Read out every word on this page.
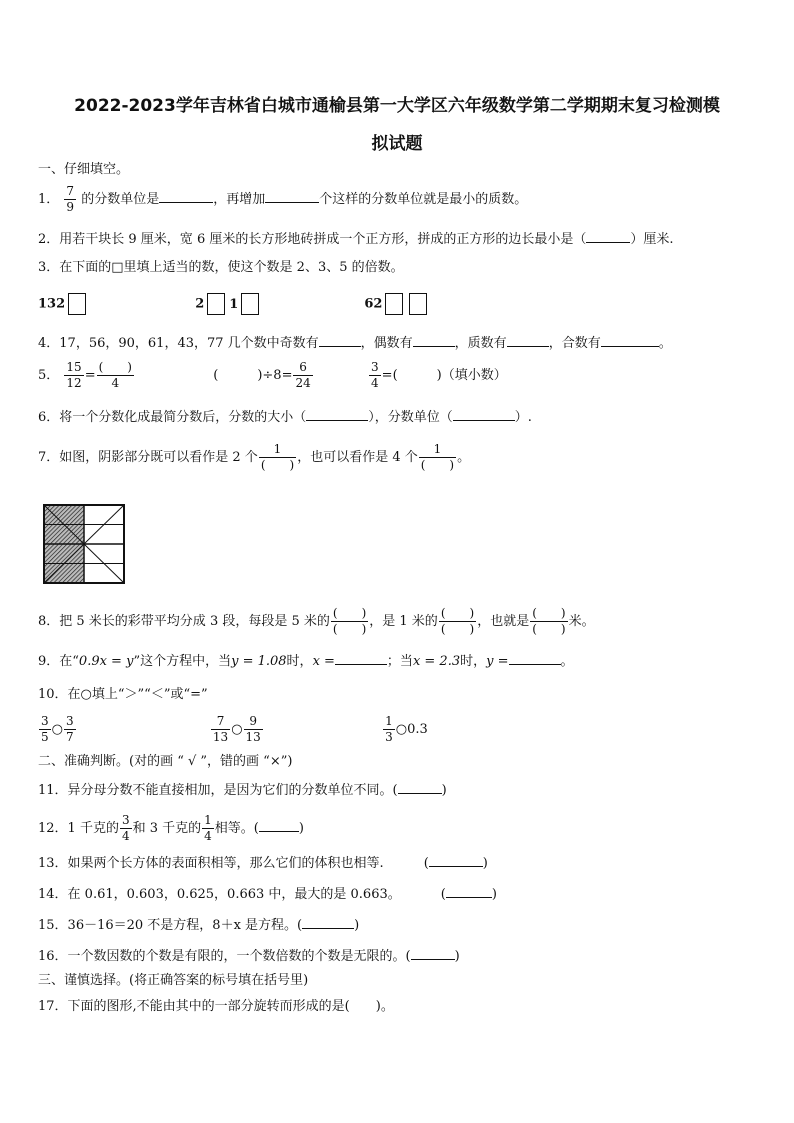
2022-2023学年吉林省白城市通榆县第一大学区六年级数学第二学期期末复习检测模
拟试题
一、仔细填空。
1． $\frac{7}{9}$ 的分数单位是	，再增加	个这样的分数单位就是最小的质数。
2．用若干块长 9 厘米，宽 6 厘米的长方形地砖拼成一个正方形，拼成的正方形的边长最小是（	）厘米.
3．在下面的□里填上适当的数，使这个数是 2、3、5 的倍数。
132	2 1	62
4．17，56，90，61，43，77 几个数中奇数有	，偶数有	，质数有	，合数有	。
5． $\frac{15}{12} = \frac{( )}{4}$	(　　　)$\div 8= \frac{6}{24}$
	$\frac{3}{4}$ =(　　　)（填小数）
6．将一个分数化成最简分数后，分数的大小（	），分数单位（	）.
7．如图，阴影部分既可以看作是 2 个 $\frac{1}{( )}$ ，也可以看作是 4 个 $\frac{1}{( )}$ 。
8．把 5 米长的彩带平均分成 3 段，每段是 5 米的 $\frac{( )}{( )}$ ，是 1 米的 $\frac{( )}{( )}$ ，也就是 $\frac{( )}{( )}$ 米。
9．在“0.9x = y”这个方程中，当y = 1.08时，x =	；当x = 2.3时，y =	。
10．在○填上“＞”“＜”或“=”
$\frac{3}{5}$ ○ $\frac{3}{7}$
	$\frac{7}{13}$ ○ $\frac{9}{13}$
	$\frac{1}{3}$ ○0.3
二、准确判断。(对的画 “ √ ”，错的画 “×”)
11．异分母分数不能直接相加，是因为它们的分数单位不同。(	)
12．1 千克的 $\frac{3}{4}$ 和 3 千克的 $\frac{1}{4}$ 相等。(	)
13．如果两个长方体的表面积相等，那么它们的体积也相等.	(	)
14．在 0.61，0.603，0.625，0.663 中，最大的是 0.663。	(	)
15．36－16＝20 不是方程，8＋x 是方程。(	)
16．一个数因数的个数是有限的，一个数倍数的个数是无限的。(	)
三、谨慎选择。(将正确答案的标号填在括号里)
17．下面的图形,不能由其中的一部分旋转而形成的是(　　)。
